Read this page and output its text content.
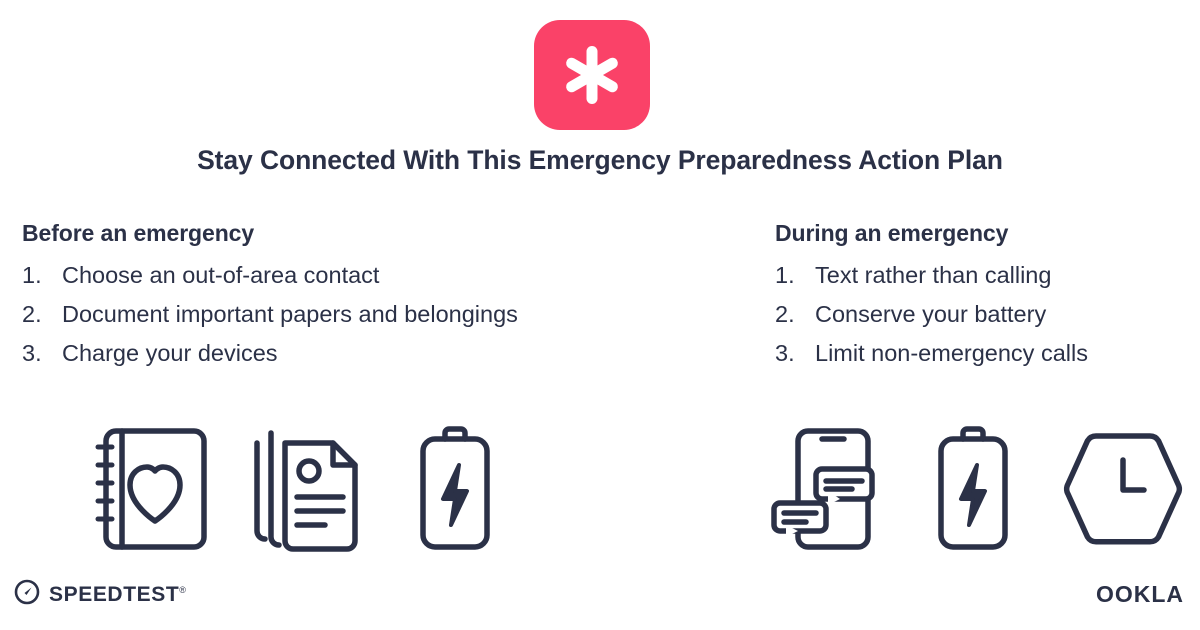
Stay Connected With This Emergency Preparedness Action Plan
Before an emergency
Choose an out-of-area contact
Document important papers and belongings
Charge your devices
During an emergency
Text rather than calling
Conserve your battery
Limit non-emergency calls
SPEEDTEST®	OOKLA
